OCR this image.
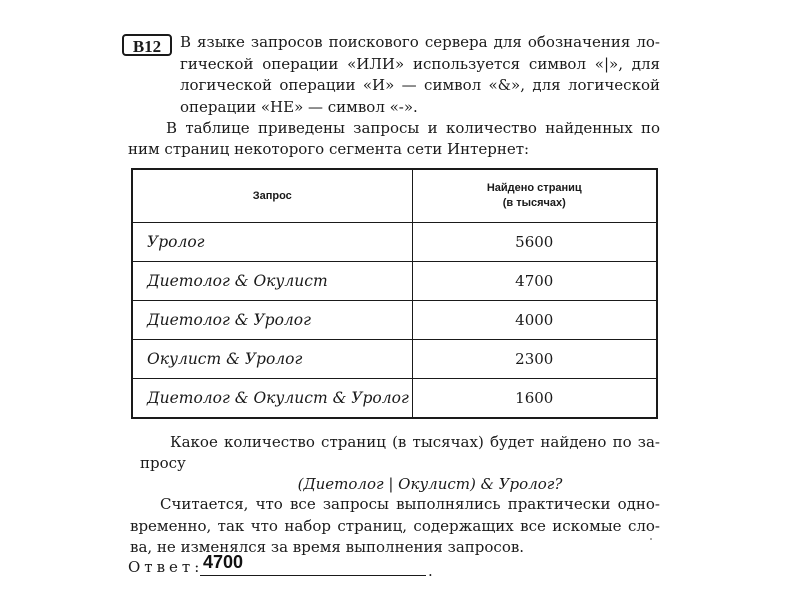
B12	В языке запросов поискового сервера для обозначения ло-
гической операции «ИЛИ» используется символ «|», для
логической операции «И» — символ «&», для логической
операции «НЕ» — символ «-».
В таблице приведены запросы и количество найденных по
ним страниц некоторого сегмента сети Интернет:
Запрос	Найдено страниц
(в тысячах)
Уролог	5600
Диетолог & Окулист	4700
Диетолог & Уролог	4000
Окулист & Уролог	2300
Диетолог & Окулист & Уролог	1600
Какое количество страниц (в тысячах) будет найдено по за-
просу
(Диетолог | Окулист) & Уролог?
Считается, что все запросы выполнялись практически одно-
временно, так что набор страниц, содержащих все искомые сло-
ва, не изменялся за время выполнения запросов.
Ответ: 4700	.
